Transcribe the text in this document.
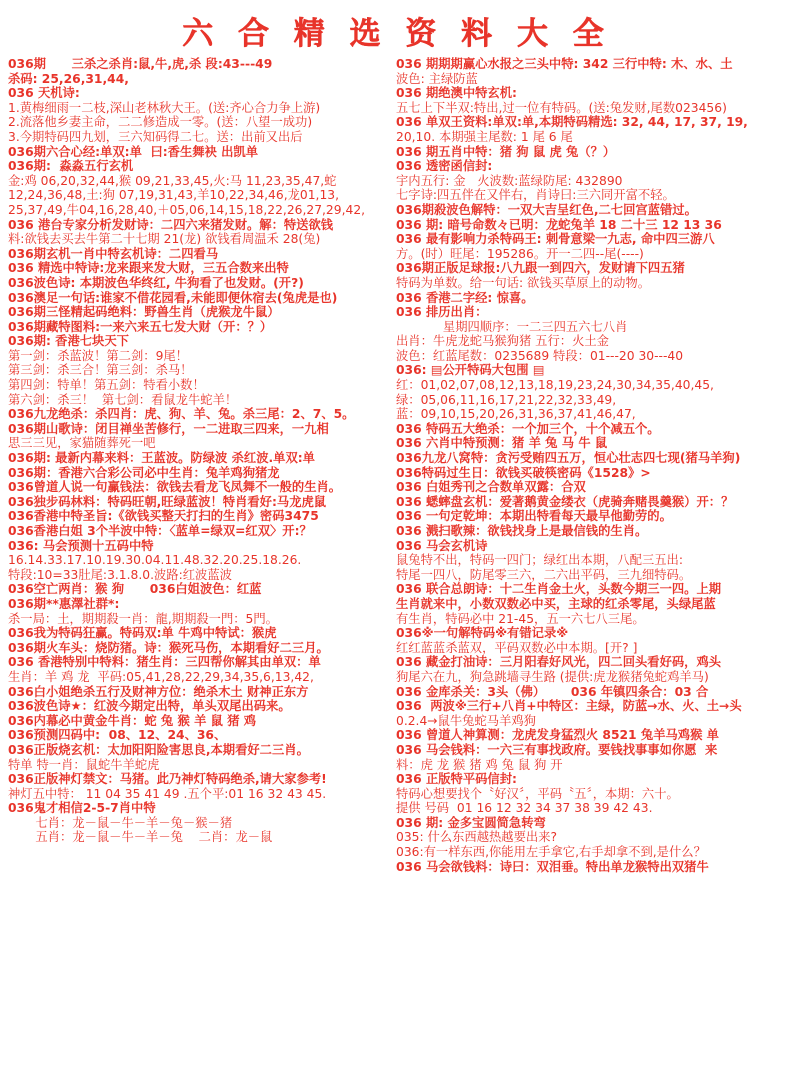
六 合 精 选 资 料 大 全
036期      三杀之杀肖:鼠,牛,虎,杀 段:43---49
杀码: 25,26,31,44,
036 天机诗:
1.黄梅细雨一二枝,深山老林秋大王。(送:齐心合力争上游)
2.流落他乡妻主命，二二修造成一零。(送：八望一成功)
3.今期特码四九划，三六知码得二七。送：出前又出后
036期六合心经:单双:单  曰:香生舞袂 出凯单
036期:  淼淼五行玄机
金:鸡 06,20,32,44,猴 09,21,33,45,火:马 11,23,35,47,蛇
12,24,36,48,土:狗 07,19,31,43,羊10,22,34,46,龙01,13,
25,37,49,牛04,16,28,40,＋05,06,14,15,18,22,26,27,29,42,
036 港台专家分析发财诗：二四六来猪发财。解：特送欲钱
料:欲钱去买去牛第二十七期 21(龙) 欲钱看周温禾 28(兔)
036期玄机一肖中特玄机诗：二四看马
036 精选中特诗:龙来跟来发大财，三五合数来出特
036波色诗: 本期波色华终红, 牛狗看了也发财。(开?)
036澳足一句话:谁家不借花园看,未能即便休宿去(兔虎是也)
036期三怪精起码绝料：野兽生肖（虎猴龙牛鼠）
036期藏特图料:一来六来五七发大财（开：？）
036期: 香港七块天下
第一剑：杀蓝波！第二剑：9尾！
第三剑：杀三合！第三剑：杀马！
第四剑：特单！第五剑：特看小数！
第六剑：杀三！  第七剑：看鼠龙牛蛇羊！
036九龙绝杀：杀四肖：虎、狗、羊、兔。杀三尾：2、7、5。
036期山歌诗：闭目禅坐苦修行，一二进取三四来，一九相
思三三见，家猫随葬死一吧
036期: 最新内幕来料：王蓝波。防绿波 杀红波.单双:单
036期：香港六合彩公司必中生肖：兔羊鸡狗猪龙
036曾道人说一句赢钱法：欲钱去看龙飞凤舞不一般的生肖。
036独步码林料：特码旺朝,旺绿蓝波！特肖看好:马龙虎鼠
036香港中特圣旨:《欲钱买整天打扫的生肖》密码3475
036香港白姐 3个半波中特：〈蓝单=绿双=红双〉开:？
036: 马会预测十五码中特
16.14.33.17.10.19.30.04.11.48.32.20.25.18.26.
特段:10=33肚尾:3.1.8.0.波路:红波蓝波
036空亡两肖：猴 狗      036白姐波色：红蓝
036期**惠澤社群*:
杀一局：土，期期殺一肖：龍,期期殺一門：5門。
036我为特码狂赢。特码双:单 牛鸡中特试：猴虎
036期火车头：烧防猪。诗：猴死马伤，本期看好二三月。
036 香港特别中特料：猪生肖：三四帮你解其由单双：单
生肖：羊 鸡 龙  平码:05,41,28,22,29,34,35,6,13,42,
036白小姐绝杀五行及财神方位：绝杀木土 财神正东方
036波色诗★：红波今期定出特，单头双尾出码来。
036内幕必中黄金牛肖：蛇 兔 猴 羊 鼠 猪 鸡
036预测四码中:  08、12、24、36、
036正版烧玄机：太加阳阳险害思良,本期看好二三肖。
特单 特一肖：鼠蛇牛羊蛇虎
036正版神灯禁文：马猪。此乃神灯特码绝杀,请大家参考!
神灯五中特： 11 04 35 41 49 .五个平:01 16 32 43 45.
036鬼才相信2-5-7肖中特
七肖：龙－鼠－牛－羊－兔－猴－猪
五肖：龙－鼠－牛－羊－兔    二肖：龙－鼠
036 期期期赢心水报之三头中特: 342 三行中特: 木、水、土
波色: 主绿防蓝
036 期绝澳中特玄机:
五七上下半双:特出,过一位有特码。(送:兔发财,尾数023456)
036 单双王资料:单双:单,本期特码精选: 32, 44, 17, 37, 19,
20,10. 本期强主尾数: 1 尾 6 尾
036 期五肖中特：猪 狗 鼠 虎 兔（？）
036 透密函信封:
宇内五行: 金   火波数:蓝绿防尾: 432890
七字诗:四五伴在又伴右，肖诗曰:三六同开富不轻。
036期殺波色解特：一双大吉呈红色,二七回宫蓝错过。
036 期: 暗号命数々已明：龙蛇兔羊 18 二十三 12 13 36
036 最有影响力杀特码王: 刺骨意梁一九志, 命中四三游八
方。(时）旺尾：195286。开一二四--尾(----)
036期正版足球报:八九跟一到四六，发财请下四五猪
特码为单数。给一句话: 欲钱买草原上的动物。
036 香港二字经: 惊喜。
036 排历出肖：
星期四顺序：一二三四五六七八肖
出肖：牛虎龙蛇马猴狗猪 五行：火土金
波色：红蓝尾数：0235689 特段：01---20 30---40
036: ▤公开特码大包围 ▤
红：01,02,07,08,12,13,18,19,23,24,30,34,35,40,45,
绿：05,06,11,16,17,21,22,32,33,49,
蓝：09,10,15,20,26,31,36,37,41,46,47,
036 特码五大绝杀：一个加三个，十个减五个。
036 六肖中特预测：猪 羊 兔 马 牛 鼠
036九龙八窝特：贪污受贿四五万，恒心壮志四七现(猪马羊狗)
036特码过生日：欲钱买破筷密码《1528》>
036 白姐秀刊之合数单双露：合双
036 蟋蟀盘玄机：爱著鹅黄金缕衣（虎骑奔赌畏羹猴）开：？
036 一句定乾坤：本期出特看每天最早他勤劳的。
036 溅扫歌辣：欲钱找身上是最信钱的生肖。
036 马会玄机诗
鼠兔特不出，特码一四门；绿红出本期，八配三五出:
特尾一四八，防尾零三六，二六出平码，三九细特码。
036 联合总朗诗：十二生肖金土火，头数今期三一四。上期
生肖就来中，小数双数必中买，主球的红杀零尾，头绿尾蓝
有生肖，特码必中 21-45，五一六七八三尾。
036※一句解特码※有错记录※
红红蓝蓝杀蓝双，平码双数必中本期。[开? ]
036 藏金打油诗：三月阳春好风光，四二回头看好码，鸡头
狗尾六在九，狗急跳墙寻生路 (提供:虎龙猴猪兔蛇鸡羊马)
036 金库杀关：3头（佛）      036 年镇四条合：03 合
036  两波※三行+八肖+中特区：主绿，防蓝→水、火、土→头
0.2.4→鼠牛兔蛇马羊鸡狗
036 曾道人神算测：龙虎发身猛烈火 8521 兔羊马鸡猴 单
036 马会钱料：一六三有事找政府。要钱找事事如你愿  来
料：虎 龙 猴 猪 鸡 兔 鼠 狗 开
036 正版特平码信封:
特码心想要找个〝好汉〞，平码〝五〞，本期：六十。
提供 号码  01 16 12 32 34 37 38 39 42 43.
036 期: 金多宝圆简急转弯
035: 什么东西越热越要出来?
036:有一样东西,你能用左手拿它,右手却拿不到,是什么？
036 马会欲钱料：诗曰：双泪垂。特出单龙猴特出双猪牛
